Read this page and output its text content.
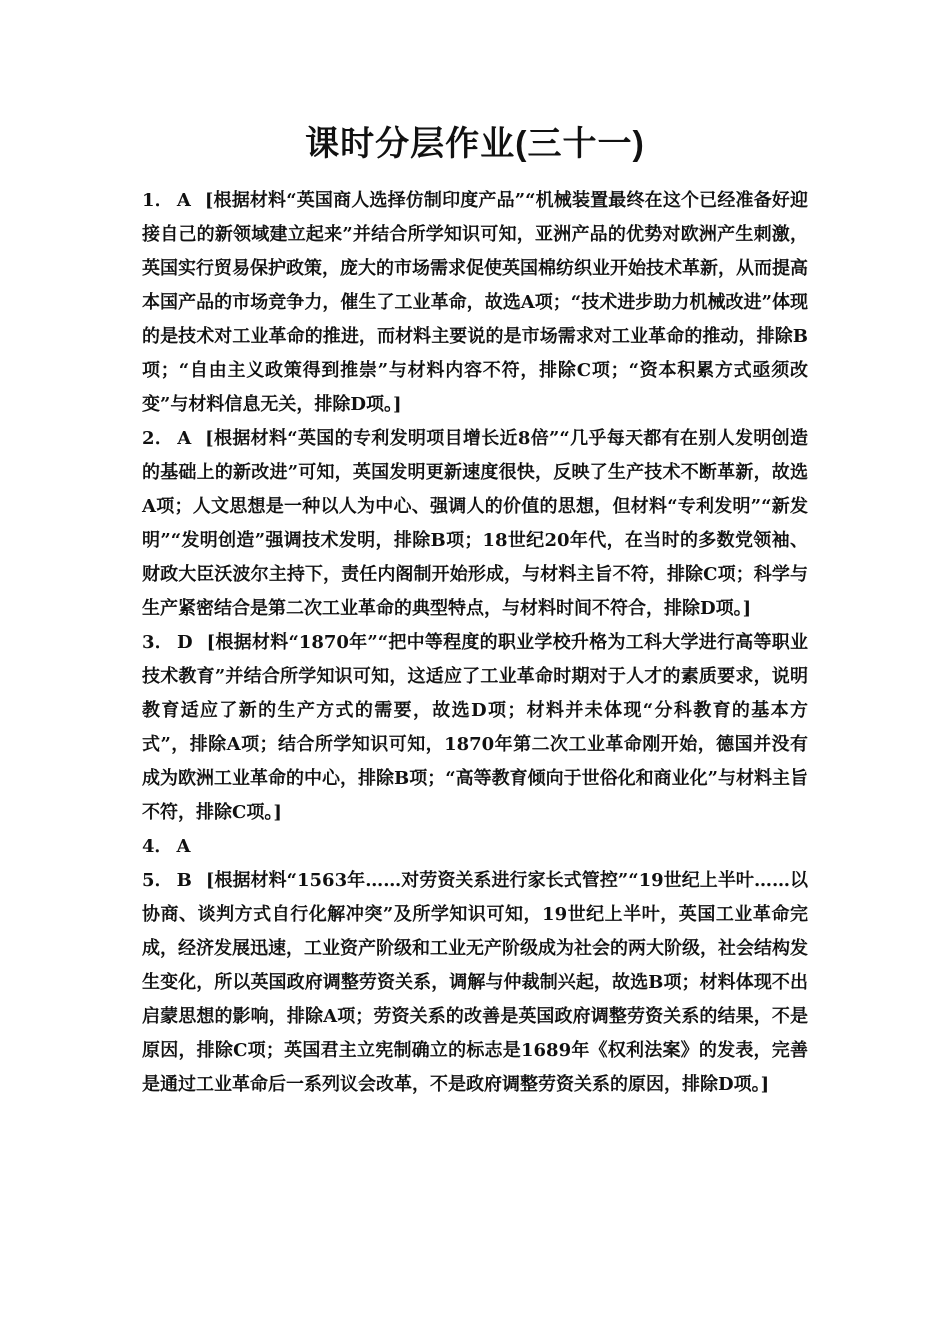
课时分层作业(三十一)

1． A [根据材料“英国商人选择仿制印度产品”“机械装置最终在这个已经准备好迎接自己的新领域建立起来”并结合所学知识可知，亚洲产品的优势对欧洲产生刺激，英国实行贸易保护政策，庞大的市场需求促使英国棉纺织业开始技术革新，从而提高本国产品的市场竞争力，催生了工业革命，故选A项；“技术进步助力机械改进”体现的是技术对工业革命的推进，而材料主要说的是市场需求对工业革命的推动，排除B项；“自由主义政策得到推崇”与材料内容不符，排除C项；“资本积累方式亟须改变”与材料信息无关，排除D项。]

2． A [根据材料“英国的专利发明项目增长近8倍”“几乎每天都有在别人发明创造的基础上的新改进”可知，英国发明更新速度很快，反映了生产技术不断革新，故选A项；人文思想是一种以人为中心、强调人的价值的思想，但材料“专利发明”“新发明”“发明创造”强调技术发明，排除B项；18世纪20年代，在当时的多数党领袖、财政大臣沃波尔主持下，责任内阁制开始形成，与材料主旨不符，排除C项；科学与生产紧密结合是第二次工业革命的典型特点，与材料时间不符合，排除D项。]

3． D [根据材料“1870年”“把中等程度的职业学校升格为工科大学进行高等职业技术教育”并结合所学知识可知，这适应了工业革命时期对于人才的素质要求，说明教育适应了新的生产方式的需要，故选D项；材料并未体现“分科教育的基本方式”，排除A项；结合所学知识可知，1870年第二次工业革命刚开始，德国并没有成为欧洲工业革命的中心，排除B项；“高等教育倾向于世俗化和商业化”与材料主旨不符，排除C项。]

4． A

5． B [根据材料“1563年……对劳资关系进行家长式管控”“19世纪上半叶……以协商、谈判方式自行化解冲突”及所学知识可知，19世纪上半叶，英国工业革命完成，经济发展迅速，工业资产阶级和工业无产阶级成为社会的两大阶级，社会结构发生变化，所以英国政府调整劳资关系，调解与仲裁制兴起，故选B项；材料体现不出启蒙思想的影响，排除A项；劳资关系的改善是英国政府调整劳资关系的结果，不是原因，排除C项；英国君主立宪制确立的标志是1689年《权利法案》的发表，完善是通过工业革命后一系列议会改革，不是政府调整劳资关系的原因，排除D项。]
